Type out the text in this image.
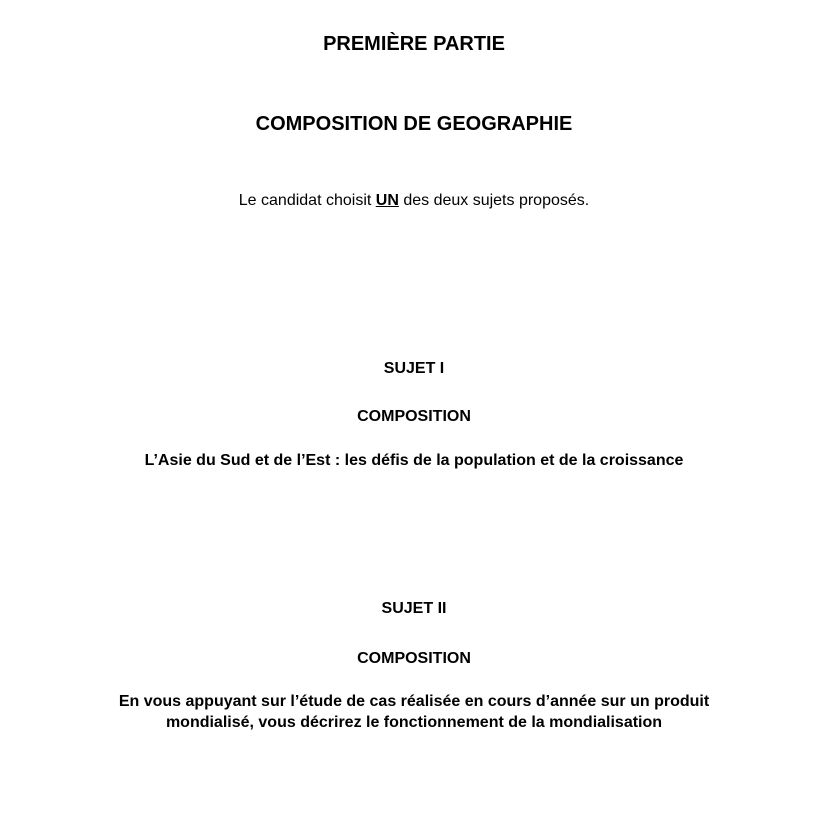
PREMIÈRE PARTIE

COMPOSITION DE GEOGRAPHIE

Le candidat choisit UN des deux sujets proposés.

SUJET I

COMPOSITION

L’Asie du Sud et de l’Est : les défis de la population et de la croissance

SUJET II

COMPOSITION

En vous appuyant sur l’étude de cas réalisée en cours d’année sur un produit
mondialisé, vous décrirez le fonctionnement de la mondialisation
